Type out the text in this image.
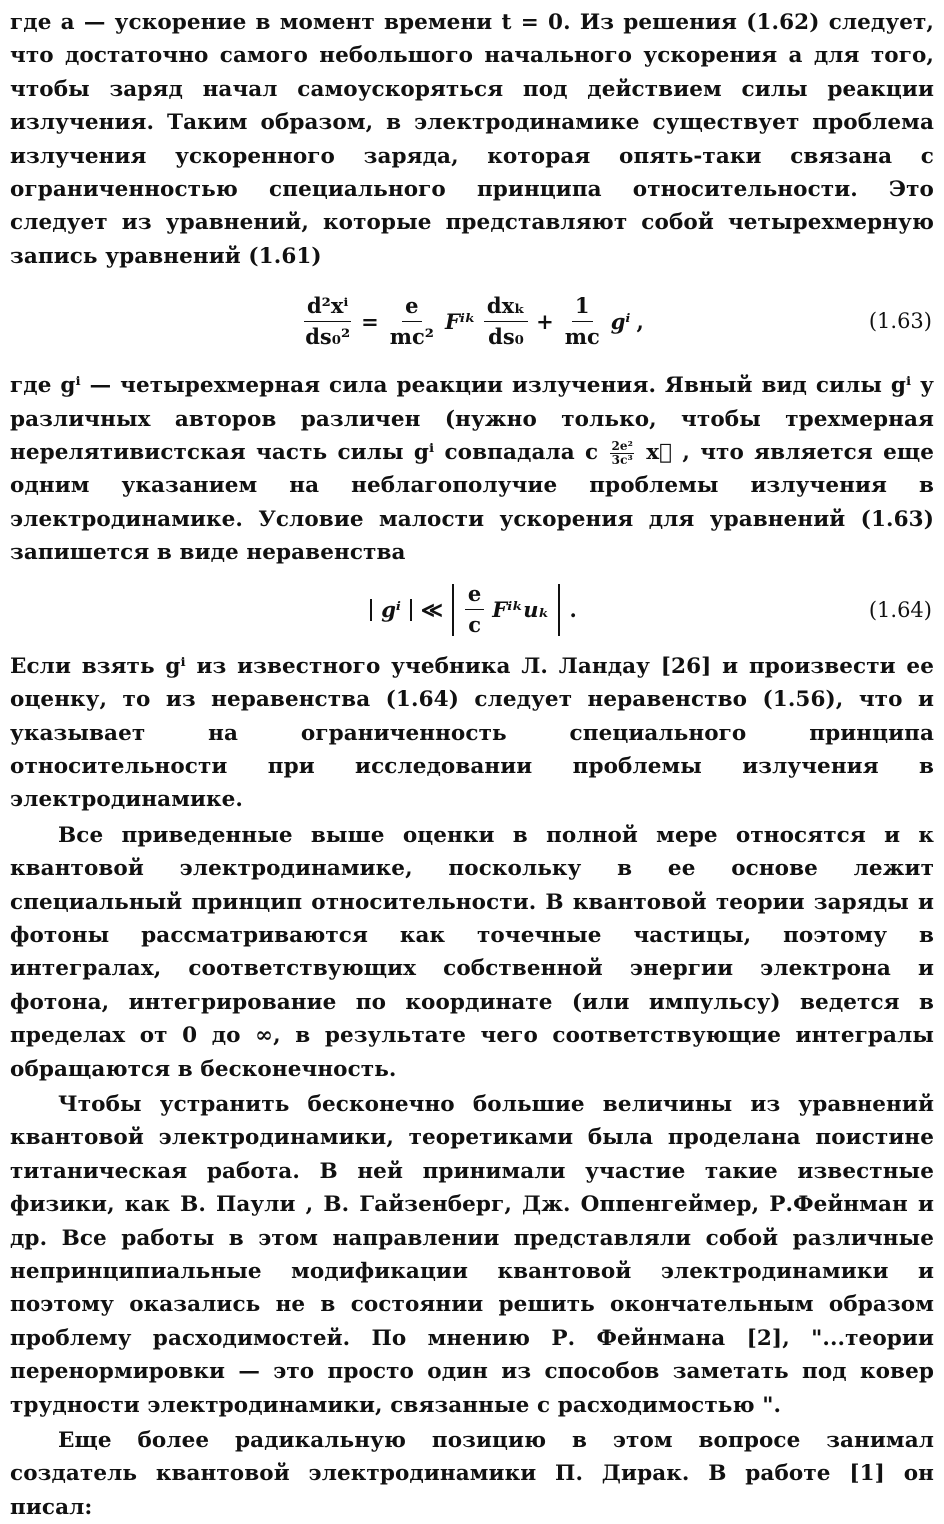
где a — ускорение в момент времени t = 0. Из решения (1.62) следует, что достаточно самого небольшого начального ускорения a для того, чтобы заряд начал самоускоряться под действием силы реакции излучения. Таким образом, в электродинамике существует проблема излучения ускоренного заряда, которая опять-таки связана с ограниченностью специального принципа относительности. Это следует из уравнений, которые представляют собой четырехмерную запись уравнений (1.61)

$\frac{\text{d²xⁱ}}{\text{ds₀²}} = \frac{e}{\text{mc²}}$ Fⁱᵏ $\frac{\text{dxₖ}}{\text{ds₀}} + \frac{1}{mc}$ gⁱ ,	(1.63)

где gⁱ — четырехмерная сила реакции излучения. Явный вид силы gⁱ у различных авторов различен (нужно только, чтобы трехмерная нерелятивистская часть силы gⁱ совпадала с $\frac{\text{2e²}}{\text{3c³}}$ x⃛ , что является еще одним указанием на неблагополучие проблемы излучения в электродинамике. Условие малости ускорения для уравнений (1.63) запишется в виде неравенства

gⁱ ≪ $\frac{e}{c}$ Fⁱᵏuₖ .	(1.64)

Если взять gⁱ из известного учебника Л. Ландау [26] и произвести ее оценку, то из неравенства (1.64) следует неравенство (1.56), что и указывает на ограниченность специального принципа относительности при исследовании проблемы излучения в электродинамике.

Все приведенные выше оценки в полной мере относятся и к квантовой электродинамике, поскольку в ее основе лежит специальный принцип относительности. В квантовой теории заряды и фотоны рассматриваются как точечные частицы, поэтому в интегралах, соответствующих собственной энергии электрона и фотона, интегрирование по координате (или импульсу) ведется в пределах от 0 до ∞, в результате чего соответствующие интегралы обращаются в бесконечность.

Чтобы устранить бесконечно большие величины из уравнений квантовой электродинамики, теоретиками была проделана поистине титаническая работа. В ней принимали участие такие известные физики, как В. Паули , В. Гайзенберг, Дж. Оппенгеймер, Р.Фейнман и др. Все работы в этом направлении представляли собой различные непринципиальные модификации квантовой электродинамики и поэтому оказались не в состоянии решить окончательным образом проблему расходимостей. По мнению Р. Фейнмана [2], "...теории перенормировки — это просто один из способов заметать под ковер трудности электродинамики, связанные с расходимостью ".

Еще более радикальную позицию в этом вопросе занимал создатель квантовой электродинамики П. Дирак. В работе [1] он писал:
